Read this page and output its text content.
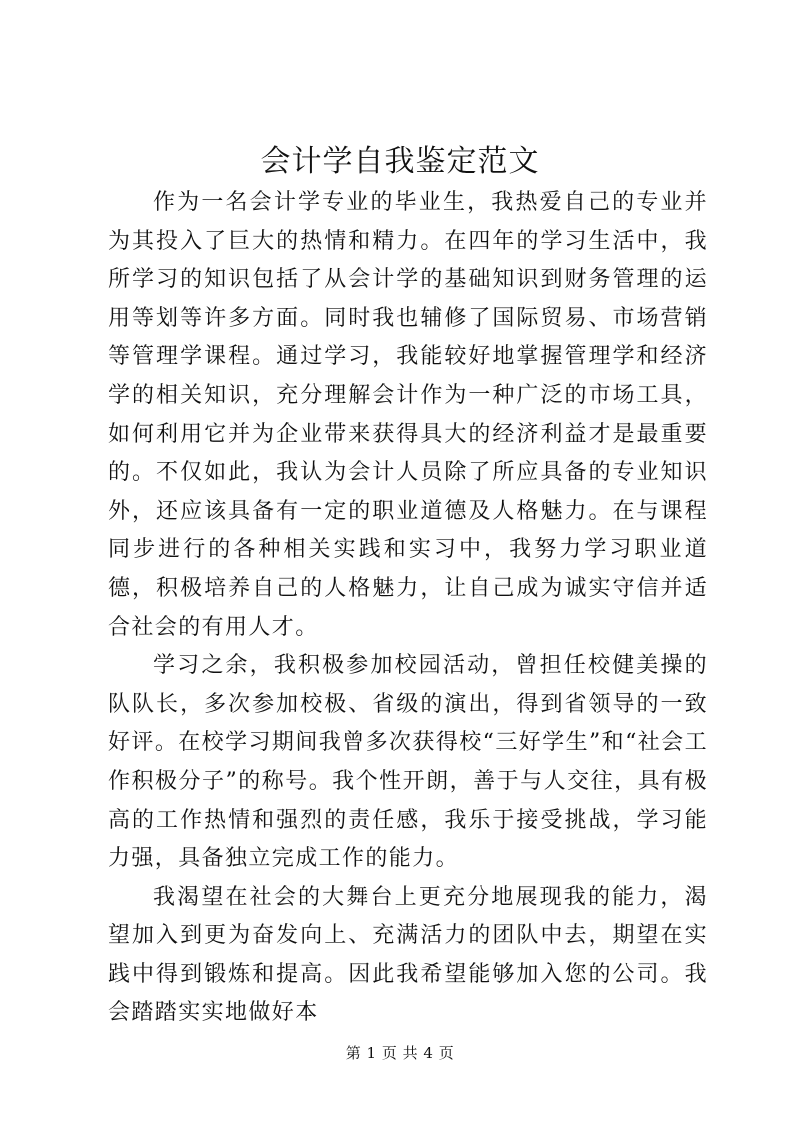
会计学自我鉴定范文

作为一名会计学专业的毕业生，我热爱自己的专业并为其投入了巨大的热情和精力。在四年的学习生活中，我所学习的知识包括了从会计学的基础知识到财务管理的运用等划等许多方面。同时我也辅修了国际贸易、市场营销等管理学课程。通过学习，我能较好地掌握管理学和经济学的相关知识，充分理解会计作为一种广泛的市场工具，如何利用它并为企业带来获得具大的经济利益才是最重要的。不仅如此，我认为会计人员除了所应具备的专业知识外，还应该具备有一定的职业道德及人格魅力。在与课程同步进行的各种相关实践和实习中，我努力学习职业道德，积极培养自己的人格魅力，让自己成为诚实守信并适合社会的有用人才。

学习之余，我积极参加校园活动，曾担任校健美操的队队长，多次参加校极、省级的演出，得到省领导的一致好评。在校学习期间我曾多次获得校“三好学生”和“社会工作积极分子”的称号。我个性开朗，善于与人交往，具有极高的工作热情和强烈的责任感，我乐于接受挑战，学习能力强，具备独立完成工作的能力。

我渴望在社会的大舞台上更充分地展现我的能力，渴望加入到更为奋发向上、充满活力的团队中去，期望在实践中得到锻炼和提高。因此我希望能够加入您的公司。我会踏踏实实地做好本

第 1 页 共 4 页
